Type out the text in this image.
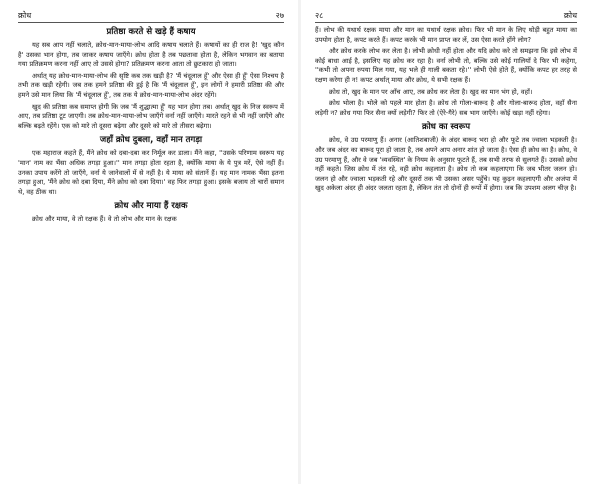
क्रोध	२७
प्रतिष्ठा करते से खड़े हैं कषाय

यह सब आप नहीं चलाते, क्रोध-मान-माया-लोभ आदि कषाय चलाते हैं। कषायों का ही राज है! 'खुद कौन है' उसका भान होगा, तब जाकर कषाय जाएँगे। क्रोध होता है तब पछतावा होता है, लेकिन भगवान का बताया गया प्रतिक्रमण करना नहीं आए तो उससे होगा? प्रतिक्रमण करना आता तो छुटकारा हो जाता।

अर्थात् यह क्रोध-मान-माया-लोभ की सृष्टि कब तक खड़ी है? 'मैं चंदूलाल हूँ' और ऐसा ही हूँ' ऐसा निश्चय है तभी तक खड़ी रहेगी। जब तक हमने प्रतिष्ठा की हुई है कि 'मैं चंदूलाल हूँ', इन लोगों ने हमारी प्रतिष्ठा की और हमने उसे मान लिया कि 'मैं चंदूलाल हूँ', तब तक ये क्रोध-मान-माया-लोभ अंदर रहेंगे।

खुद की प्रतिष्ठा कब समाप्त होगी कि जब 'मैं शुद्धात्मा हूँ' यह भान होगा तब। अर्थात् खुद के निज स्वरूप में आए, तब प्रतिष्ठा टूट जाएगी। तब क्रोध-मान-माया-लोभ जाएँगे वर्ना नहीं जाएँगे। मारते रहने से भी नहीं जाएँगे और बल्कि बढ़ते रहेंगे। एक को मारे तो दूसरा बढ़ेगा और दूसरे को मारे तो तीसरा बढ़ेगा।

जहाँ क्रोध दुबला, वहाँ मान तगड़ा

एक महाराज कहते हैं, मैंने क्रोध को दबा-दबा कर निर्मूल कर डाला। मैंने कहा, ''उसके परिणाम स्वरूप यह 'मान' नाम का भैंसा अधिक तगड़ा हुआ।'' मान तगड़ा होता रहता है, क्योंकि माया के ये पुत्र मरें, ऐसे नहीं हैं। उनका उपाय करेंगे तो जाएँगे, वर्ना ये जानेवालों में से नहीं है। ये माया को संतानें हैं। यह मान नामक भैंसा इतना तगड़ा हुआ, 'मैंने क्रोध को दबा दिया, मैंने क्रोध को दबा दिया।' वह फिर तगड़ा हुआ। इसके बजाय तो चारों समान थे, वह ठीक था।

क्रोध और माया हैं रक्षक

क्रोध और माया, वे तो रक्षक हैं। वे तो लोभ और मान के रक्षक

२८	क्रोध

हैं। लोभ की यथार्थ रक्षक माया और मान का यथार्थ रक्षक क्रोध। फिर भी मान के लिए थोड़ी बहुत माया का उपयोग होता है, कपट करते हैं। कपट करके भी मान प्राप्त कर लें, उस ऐसा करते होंगे लोग?

और क्रोध करके लोभ कर लेता है। लोभी क्रोधी नहीं होता और यदि क्रोध करे तो समझना कि इसे लोभ में कोई बाधा आई है, इसलिए यह क्रोध कर रहा है। वर्ना लोभी तो, बल्कि उसे कोई गालियाँ दे फिर भी कहेगा, ''कभी तो अपना रुपया मिल गया, यह भले ही गाली बकता रहे।'' लोभी ऐसे होते हैं, क्योंकि कपट हर तरह से रक्षण करेगा ही न! कपट अर्थात् माया और क्रोध, ये सभी रक्षक हैं।

क्रोध तो, खुद के मान पर आँच आए, तब क्रोध कर लेता है। खुद का मान भंग हो, वहाँ।

क्रोध भोला है। भोले को पहले मार होता है। क्रोध तो गोला-बारूद है और गोला-बारूद होता, वहाँ सैना लड़ेगी न? क्रोध गया फिर सैना क्यों लड़ेगी? फिर तो (ऐरे-गैरे) सब भाग जाएँगे। कोई खड़ा नहीं रहेगा।

क्रोध का स्वरूप

क्रोध, वे उग्र परमाणु हैं। अनार (आतिशबाजी) के अंदर बारूद भरा हो और फूटे तब ज्वाला भड़कती है। और जब अंदर का बारूद पूरा हो जाता है, तब अपने आप अनार शांत हो जाता है। ऐसा ही क्रोध का है। क्रोध, वे उग्र परमाणु हैं, और वे जब 'व्यवस्थित' के नियम के अनुसार फूटते हैं, तब सभी तरफ से सुलगते हैं। उसको क्रोध नहीं कहते। जिस क्रोध में तंत रहे, वही क्रोध कहलाता है। क्रोध तो कब कहलाएगा कि जब भीतर जलन हो। जलन हो और ज्वाला भड़कती रहे और दूसरों तक भी उसका असर पहुँचे। यह कुढ़न कहलाएगी और अजंपा में खुद अकेला अंदर ही अंदर जलता रहता है, लेकिन तंत तो दोनों ही रूपों में होगा। जब कि उपशम अलग चीज़ है।
